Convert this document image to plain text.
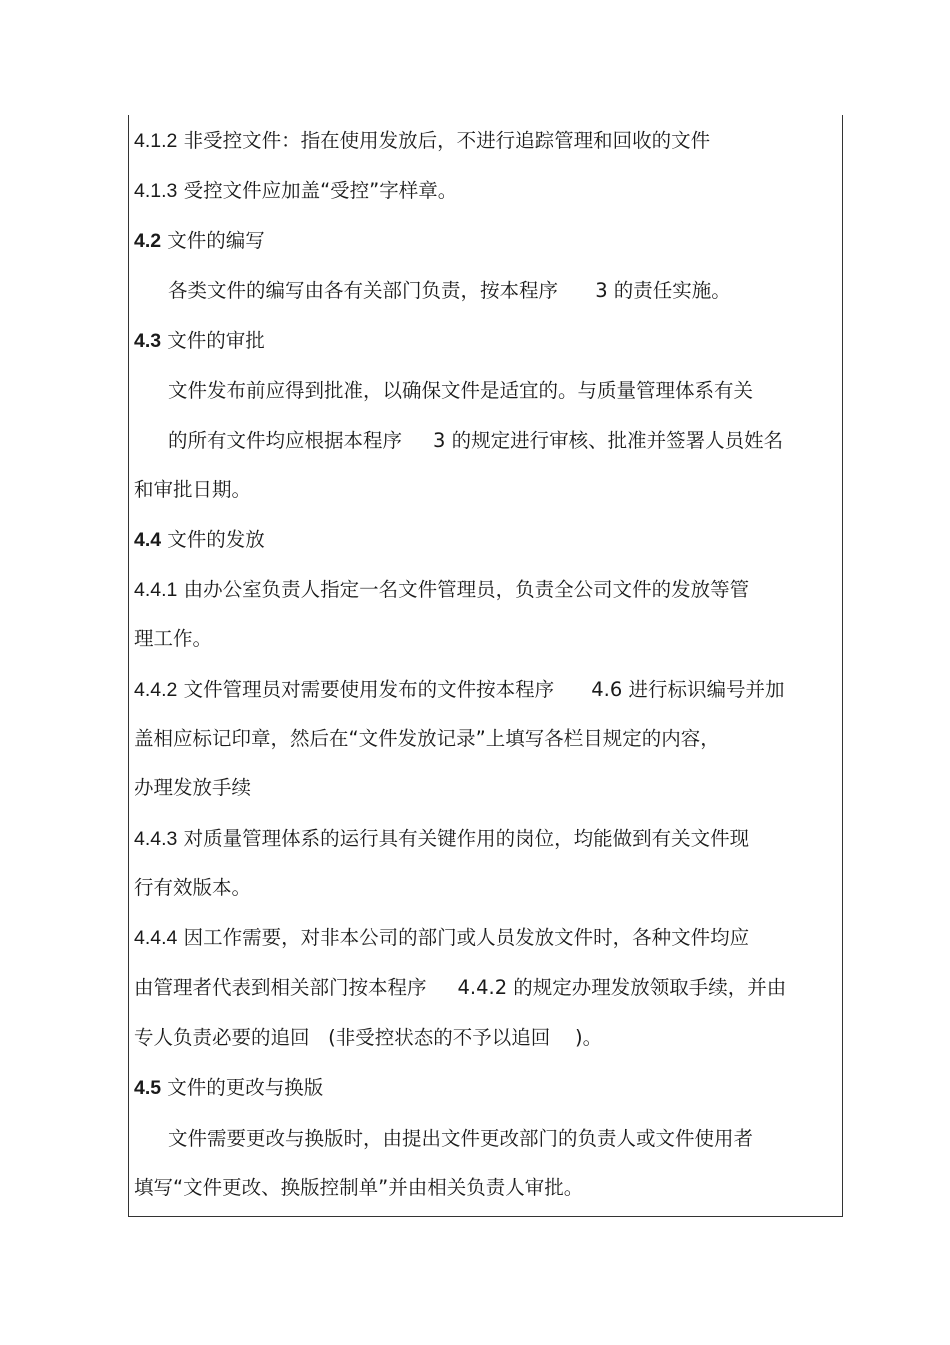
4.1.2 非受控文件：指在使用发放后，不进行追踪管理和回收的文件
4.1.3 受控文件应加盖“受控”字样章。
4.2 文件的编写
各类文件的编写由各有关部门负责，按本程序      3 的责任实施。
4.3 文件的审批
文件发布前应得到批准，以确保文件是适宜的。与质量管理体系有关
的所有文件均应根据本程序     3 的规定进行审核、批准并签署人员姓名
和审批日期。
4.4 文件的发放
4.4.1 由办公室负责人指定一名文件管理员，负责全公司文件的发放等管
理工作。
4.4.2 文件管理员对需要使用发布的文件按本程序      4.6 进行标识编号并加
盖相应标记印章，然后在“文件发放记录”上填写各栏目规定的内容，
办理发放手续
4.4.3 对质量管理体系的运行具有关键作用的岗位，均能做到有关文件现
行有效版本。
4.4.4 因工作需要，对非本公司的部门或人员发放文件时，各种文件均应
由管理者代表到相关部门按本程序     4.4.2 的规定办理发放领取手续，并由
专人负责必要的追回   (非受控状态的不予以追回    )。
4.5 文件的更改与换版
文件需要更改与换版时，由提出文件更改部门的负责人或文件使用者
填写“文件更改、换版控制单”并由相关负责人审批。
